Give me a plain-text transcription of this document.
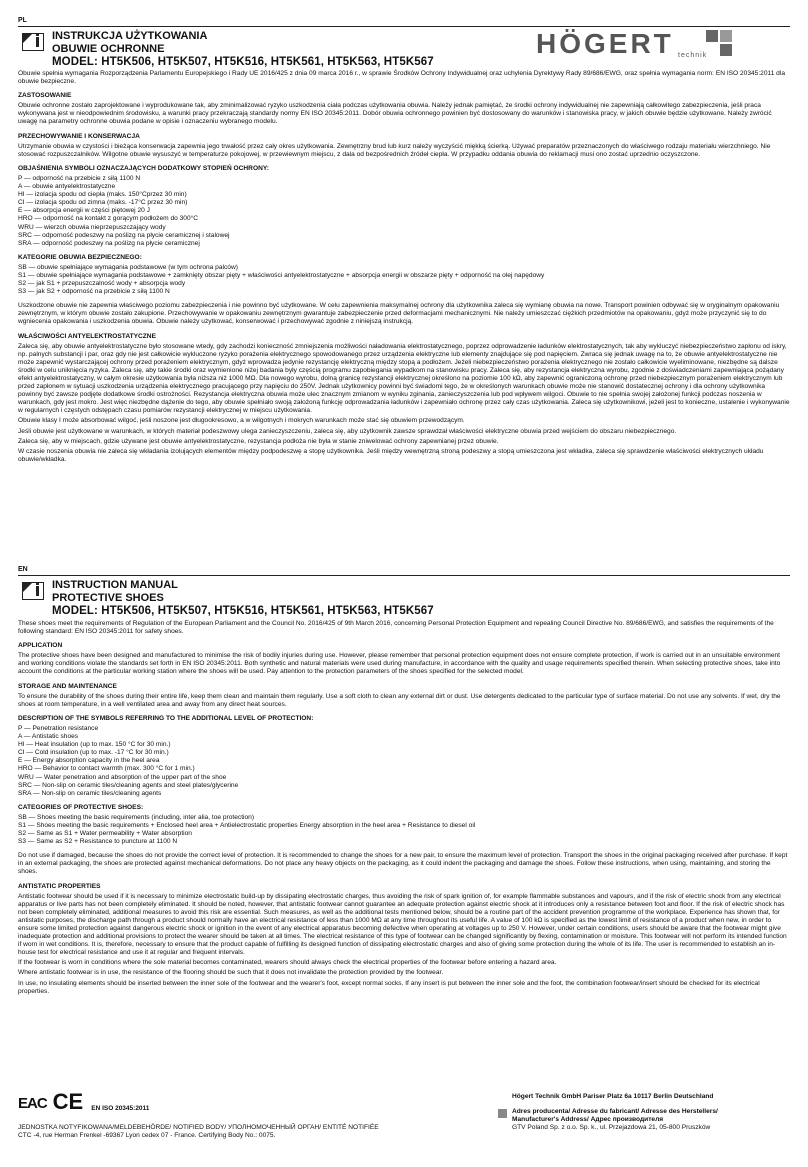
PL
INSTRUKCJA UŻYTKOWANIA
OBUWIE OCHRONNE
MODEL: HT5K506, HT5K507, HT5K516, HT5K561, HT5K563, HT5K567
HÖGERT technik

Obuwie spełnia wymagania Rozporządzenia Parlamentu Europejskiego i Rady UE 2016/425 z dnia 09 marca 2016 r., w sprawie Środków Ochrony Indywidualnej oraz uchylenia Dyrektywy Rady 89/686/EWG, oraz spełnia wymagania norm: EN ISO 20345:2011 dla obuwie bezpieczne.

ZASTOSOWANIE

Obuwie ochronne zostało zaprojektowane i wyprodukowane tak, aby zminimalizować ryzyko uszkodzenia ciała podczas użytkowania obuwia. Należy jednak pamiętać, że środki ochrony indywidualnej nie zapewniają całkowitego zabezpieczenia, jeśli praca wykonywana jest w nieodpowiednim środowisku, a warunki pracy przekraczają standardy normy EN ISO 20345:2011. Dobór obuwia ochronnego powinien być dostosowany do warunków i stanowiska pracy, w jakich obuwie będzie użytkowane. Należy zwrócić uwagę na parametry ochronne obuwia podane w opisie i oznaczeniu wybranego modelu.

PRZECHOWYWANIE I KONSERWACJA

Utrzymanie obuwia w czystości i bieżąca konserwacja zapewnia jego trwałość przez cały okres użytkowania. Zewnętrzny brud lub kurz należy wyczyścić miękką ścierką. Używać preparatów przeznaczonych do właściwego rodzaju materiału wierzchniego. Nie stosować rozpuszczalników. Wilgotne obuwie wysuszyć w temperaturze pokojowej, w przewiewnym miejscu, z dala od bezpośrednich źródeł ciepła. W przypadku oddania obuwia do reklamacji musi ono zostać uprzednio oczyszczone.

OBJAŚNIENIA SYMBOLI OZNACZAJĄCYCH DODATKOWY STOPIEŃ OCHRONY:

P — odporność na przebicie z siłą 1100 N
A — obuwie antyelektrostatyczne
HI — izolacja spodu od ciepła (maks. 150°Cprzez 30 min)
CI — izolacja spodu od zimna (maks. -17°C przez 30 min)
E — absorpcja energii w części piętowej 20 J
HRO — odporność na kontakt z gorącym podłożem do 300°C
WRU — wierzch obuwia nieprzepuszczający wody
SRC — odporność podeszwy na poślizg na płycie ceramicznej i stalowej
SRA — odporność podeszwy na poślizg na płycie ceramicznej

KATEGORIE OBUWIA BEZPIECZNEGO:

SB — obuwie spełniające wymagania podstawowe (w tym ochrona palców)
S1 — obuwie spełniające wymagania podstawowe + zamknięty obszar pięty + właściwości antyelektrostatyczne + absorpcja energii w obszarze pięty + odporność na olej napędowy
S2 — jak S1 + przepuszczalność wody + absorpcja wody
S3 — jak S2 + odporność na przebicie z siłą 1100 N

Uszkodzone obuwie nie zapewnia właściwego poziomu zabezpieczenia i nie powinno być użytkowane. W celu zapewnienia maksymalnej ochrony dla użytkownika zaleca się wymianę obuwia na nowe. Transport powinien odbywać się w oryginalnym opakowaniu zewnętrznym, w którym obuwie zostało zakupione. Przechowywanie w opakowaniu zewnętrznym gwarantuje zabezpieczenie przed deformacjami mechanicznymi. Nie należy umieszczać ciężkich przedmiotów na opakowaniu, gdyż może przyczynić się to do wgniecenia opakowania i uszkodzenia obuwia. Obuwie należy użytkować, konserwować i przechowywać zgodnie z niniejszą instrukcją.

WŁAŚCIWOŚCI ANTYELEKTROSTATYCZNE

Zaleca się, aby obuwie antyelektrostatyczne było stosowane wtedy, gdy zachodzi konieczność zmniejszenia możliwości naładowania elektrostatycznego, poprzez odprowadzenie ładunków elektrostatycznych, tak aby wykluczyć niebezpieczeństwo zapłonu od iskry, np. palnych substancji i par, oraz gdy nie jest całkowicie wykluczone ryzyko porażenia elektrycznego spowodowanego przez urządzenia elektryczne lub elementy znajdujące się pod napięciem. Zwraca się jednak uwagę na to, że obuwie antyelektrostatyczne nie może zapewnić wystarczającej ochrony przed porażeniem elektrycznym, gdyż wprowadza jedynie rezystancję elektryczną między stopą a podłożem. Jeżeli niebezpieczeństwo porażenia elektrycznego nie zostało całkowicie wyeliminowane, niezbędne są dalsze środki w celu uniknięcia ryzyka. Zaleca się, aby takie środki oraz wymienione niżej badania były częścią programu zapobiegania wypadkom na stanowisku pracy. Zaleca się, aby rezystancja elektryczna wyrobu, zgodnie z doświadczeniami zapewniająca pożądany efekt antyelektrostatyczny, w całym okresie użytkowania była niższa niż 1000 MΩ. Dla nowego wyrobu, dolną granicę rezystancji elektrycznej określono na poziomie 100 kΩ, aby zapewnić ograniczoną ochronę przed niebezpiecznym porażeniem elektrycznym lub przed zapłonem w sytuacji uszkodzenia urządzenia elektrycznego pracującego przy napięciu do 250V. Jednak użytkownicy powinni być świadomi tego, że w określonych warunkach obuwie może nie stanowić dostatecznej ochrony i dla ochrony użytkownika powinny być zawsze podjęte dodatkowe środki ostrożności. Rezystancja elektryczna obuwia może ulec znacznym zmianom w wyniku zginania, zanieczyszczenia lub pod wpływem wilgoci. Obuwie to nie spełnia swojej założonej funkcji podczas noszenia w warunkach, gdy jest mokro. Jest więc niezbędne dążenie do tego, aby obuwie spełniało swoją założoną funkcję odprowadzania ładunków i zapewniało ochronę przez cały czas użytkowania. Zaleca się użytkownikowi, jeżeli jest to konieczne, ustalenie i wykonywanie w regularnych i częstych odstępach czasu pomiarów rezystancji elektrycznej w miejscu użytkowania.

Obuwie klasy I może absorbować wilgoć, jeśli noszone jest długookresowo, a w wilgotnych i mokrych warunkach może stać się obuwiem przewodzącym.

Jeśli obuwie jest użytkowane w warunkach, w których materiał podeszwowy ulega zanieczyszczeniu, zaleca się, aby użytkownik zawsze sprawdzał właściwości elektryczne obuwia przed wejściem do obszaru niebezpiecznego.

Zaleca się, aby w miejscach, gdzie używane jest obuwie antyelektrostatyczne, rezystancja podłoża nie była w stanie zniwelować ochrony zapewnianej przez obuwie.

W czasie noszenia obuwia nie zaleca się wkładania izolujących elementów między podpodeszwę a stopę użytkownika. Jeśli między wewnętrzną stroną podeszwy a stopą umieszczona jest wkładka, zaleca się sprawdzenie właściwości elektrycznych układu obuwie/wkładka.

EN
INSTRUCTION MANUAL
PROTECTIVE SHOES
MODEL: HT5K506, HT5K507, HT5K516, HT5K561, HT5K563, HT5K567

These shoes meet the requirements of Regulation of the European Parliament and the Council No. 2016/425 of 9th March 2016, concerning Personal Protection Equipment and repealing Council Directive No. 89/686/EWG, and satisfies the requirements of the following standard: EN ISO 20345:2011 for safety shoes.

APPLICATION

The protective shoes have been designed and manufactured to minimise the risk of bodily injuries during use. However, please remember that personal protection equipment does not ensure complete protection, if work is carried out in an unsuitable environment and working conditions violate the standards set forth in EN ISO 20345:2011. Both synthetic and natural materials were used during manufacture, in accordance with the quality and usage requirements specified therein. When selecting protective shoes, take into account the conditions at the particular working station where the shoes will be used. Pay attention to the protection parameters of the shoes specified for the selected model.

STORAGE AND MAINTENANCE

To ensure the durability of the shoes during their entire life, keep them clean and maintain them regularly. Use a soft cloth to clean any external dirt or dust. Use detergents dedicated to the particular type of surface material. Do not use any solvents. If wet, dry the shoes at room temperature, in a well ventilated area and away from any direct heat sources.

DESCRIPTION OF THE SYMBOLS REFERRING TO THE ADDITIONAL LEVEL OF PROTECTION:

P — Penetration resistance
A — Antistatic shoes
HI — Heat insulation (up to max. 150 °C for 30 min.)
CI — Cold insulation (up to max. -17 °C for 30 min.)
E — Energy absorption capacity in the heel area
HRO — Behavior to contact warmth (max. 300 °C for 1 min.)
WRU — Water penetration and absorption of the upper part of the shoe
SRC — Non-slip on ceramic tiles/cleaning agents and steel plates/glycerine
SRA — Non-slip on ceramic tiles/cleaning agents

CATEGORIES OF PROTECTIVE SHOES:

SB — Shoes meeting the basic requirements (including, inter alia, toe protection)
S1 — Shoes meeting the basic requirements + Enclosed heel area + Antielectrostatic properties Energy absorption in the heel area + Resistance to diesel oil
S2 — Same as S1 + Water permeability + Water absorption
S3 — Same as S2 + Resistance to puncture at 1100 N

Do not use if damaged, because the shoes do not provide the correct level of protection. It is recommended to change the shoes for a new pair, to ensure the maximum level of protection. Transport the shoes in the original packaging received after purchase. If kept in an external packaging, the shoes are protected against mechanical deformations. Do not place any heavy objects on the packaging, as it could indent the packaging and damage the shoes. Follow these instructions, when using, maintaining, and storing the shoes.

ANTISTATIC PROPERTIES

Antistatic footwear should be used if it is necessary to minimize electrostatic build-up by dissipating electrostatic charges, thus avoiding the risk of spark ignition of, for example flammable substances and vapours, and if the risk of electric shock from any electrical apparatus or live parts has not been completely eliminated. It should be noted, however, that antistatic footwear cannot guarantee an adequate protection against electric shock at it introduces only a resistance between foot and floor. If the risk of electric shock has not been completely eliminated, additional measures to avoid this risk are essential. Such measures, as well as the additional tests mentioned below, should be a routine part of the accident prevention programme of the workplace. Experience has shown that, for antistatic purposes, the discharge path through a product should normally have an electrical resistance of less than 1000 MΩ at any time throughout its useful life. A value of 100 kΩ is specified as the lowest limit of resistance of a product when new, in order to ensure some limited protection against dangerous electric shock or ignition in the event of any electrical apparatus becoming defective when operating at voltages up to 250 V. However, under certain conditions, users should be aware that the footwear might give inadequate protection and additional provisions to protect the wearer should be taken at all times. The electrical resistance of this type of footwear can be changed significantly by flexing, contamination or moisture. This footwear will not perform its intended function if worn in wet conditions. It is, therefore, necessary to ensure that the product capable of fulfilling its designed function of dissipating electrostatic charges and also of giving some protection during the whole of its life. The user is recommended to establish an in-house test for electrical resistance and use it at regular and frequent intervals.

If the footwear is worn in conditions where the sole material becomes contaminated, wearers should always check the electrical properties of the footwear before entering a hazard area.

Where antistatic footwear is in use, the resistance of the flooring should be such that it does not invalidate the protection provided by the footwear.

In use, no insulating elements should be inserted between the inner sole of the footwear and the wearer's foot, except normal socks. If any insert is put between the inner sole and the foot, the combination footwear/insert should be checked for its electrical properties.

EAC CE EN ISO 20345:2011
JEDNOSTKA NOTYFIKOWANA/MELDEBEHÖRDE/ NOTIFIED BODY/ УПОЛНОМОЧЕННЫЙ ОРГАН/ ENTITÉ NOTIFIÉE
CTC -4, rue Herman Frenkel -69367 Lyon cedex 07 - France. Certifying Body No.: 0075.
Högert Technik GmbH Pariser Platz 6a 10117 Berlin Deutschland
Adres producenta/ Adresse du fabricant/ Adresse des Herstellers/
Manufacturer's Address/ Адрес производителя
GTV Poland Sp. z o.o. Sp. k., ul. Przejazdowa 21, 05-800 Pruszków
